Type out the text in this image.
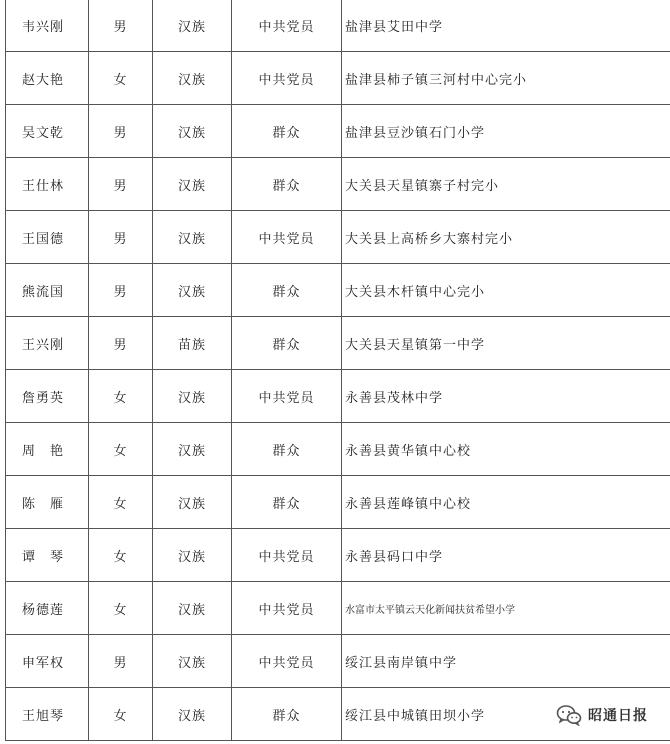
韦兴刚	男	汉族	中共党员	盐津县艾田中学
赵大艳	女	汉族	中共党员	盐津县柿子镇三河村中心完小
吴文乾	男	汉族	群众	盐津县豆沙镇石门小学
王仕林	男	汉族	群众	大关县天星镇寨子村完小
王国德	男	汉族	中共党员	大关县上高桥乡大寨村完小
熊流国	男	汉族	群众	大关县木杆镇中心完小
王兴刚	男	苗族	群众	大关县天星镇第一中学
詹勇英	女	汉族	中共党员	永善县茂林中学
周　艳	女	汉族	群众	永善县黄华镇中心校
陈　雁	女	汉族	群众	永善县莲峰镇中心校
谭　琴	女	汉族	中共党员	永善县码口中学
杨德莲	女	汉族	中共党员	水富市太平镇云天化新闻扶贫希望小学
申军权	男	汉族	中共党员	绥江县南岸镇中学
王旭琴	女	汉族	群众	绥江县中城镇田坝小学	昭通日报
